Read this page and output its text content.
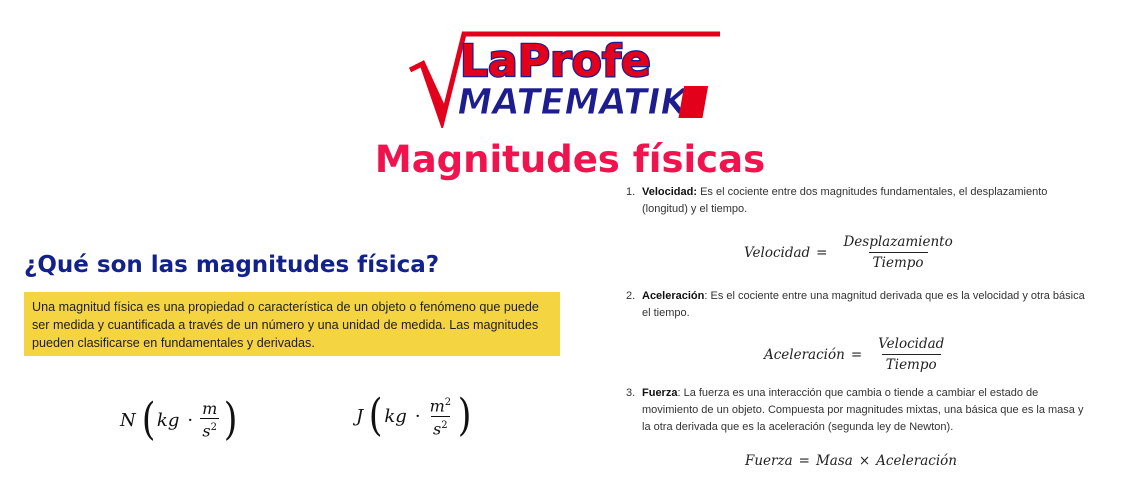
LaProfe
MATEMATIK
Magnitudes físicas
¿Qué son las magnitudes física?
Una magnitud física es una propiedad o característica de un objeto o fenómeno que puede ser medida y cuantificada a través de un número y una unidad de medida. Las magnitudes pueden clasificarse en fundamentales y derivadas.
N ( kg · $\frac{m}{s^2}$ )	J ( kg · $\frac{m^2}{s^2}$ )
1. Velocidad: Es el cociente entre dos magnitudes fundamentales, el desplazamiento (longitud) y el tiempo.
2. Aceleración: Es el cociente entre una magnitud derivada que es la velocidad y otra básica el tiempo.
3. Fuerza: La fuerza es una interacción que cambia o tiende a cambiar el estado de movimiento de un objeto. Compuesta por magnitudes mixtas, una básica que es la masa y la otra derivada que es la aceleración (segunda ley de Newton).
Velocidad =
Desplazamiento
Tiempo
Aceleración =
Velocidad
Tiempo
Fuerza = Masa × Aceleración
